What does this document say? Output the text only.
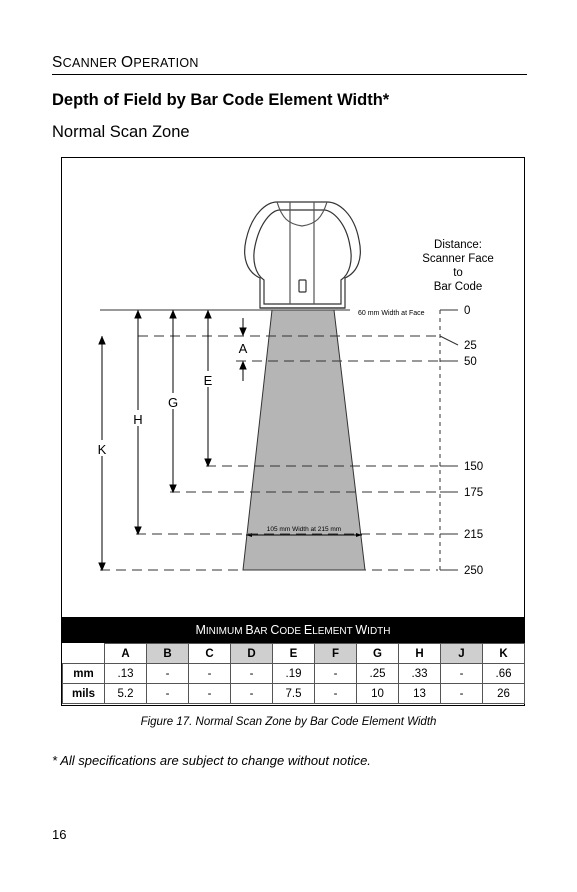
SCANNER OPERATION
Depth of Field by Bar Code Element Width*
Normal Scan Zone
Distance:
Scanner Face
to
Bar Code
60 mm Width at Face
105 mm Width at 215 mm
0
25
50
150
175
215
250
A
E
G
H
K
MINIMUM BAR CODE ELEMENT WIDTH
	A	B	C	D	E	F	G	H	J	K
mm	.13	-	-	-	.19	-	.25	.33	-	.66
mils	5.2	-	-	-	7.5	-	10	13	-	26
Figure 17. Normal Scan Zone by Bar Code Element Width
* All specifications are subject to change without notice.
16
